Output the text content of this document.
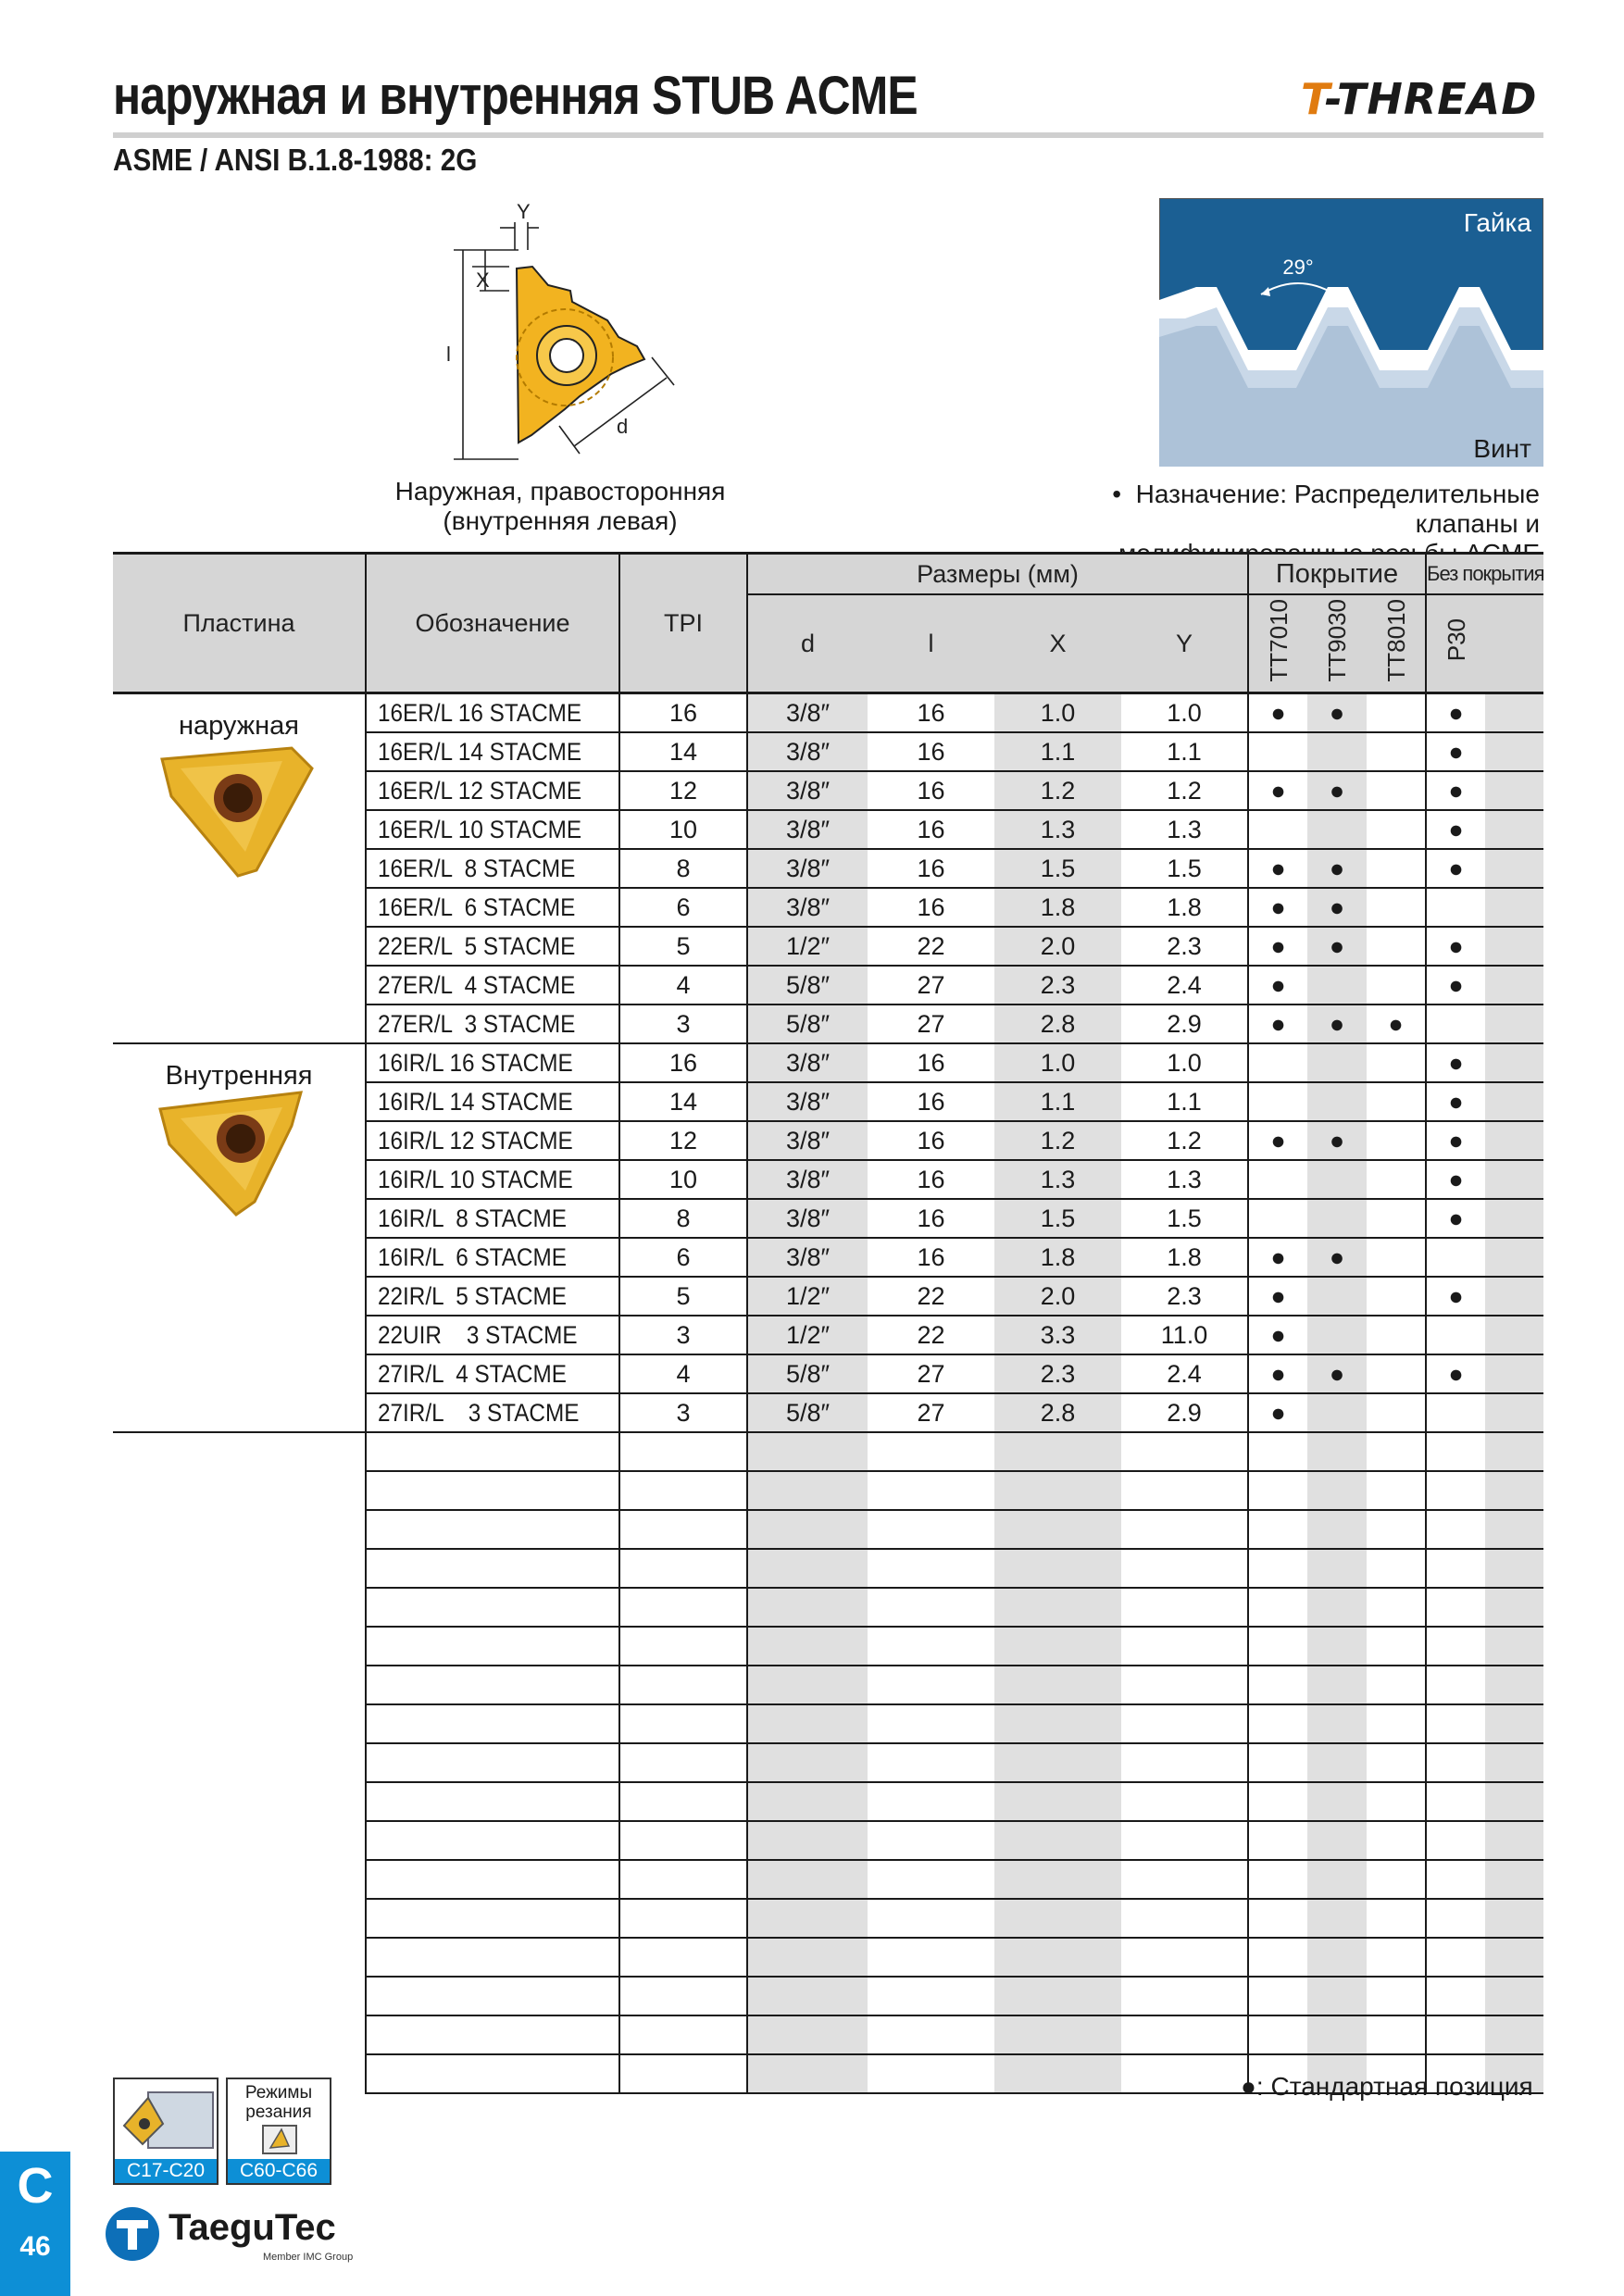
наружная и внутренняя STUB ACME	T-THREAD
ASME / ANSI B.1.8-1988: 2G
Y
X
l
d
Наружная, правосторонняя
(внутренняя левая)
Гайка
29°
Винт
• Назначение: Распределительные клапаны и
Пластина	Обозначение	TPI	Размеры (мм)				Покрытие			Без покрытия	
			d	l	X	Y	TT7010	TT9030	TT8010	P30	

наружная	16ER/L 16 STACME	16	3/8″	16	1.0	1.0	●	●		●	
	16ER/L 14 STACME	14	3/8″	16	1.1	1.1				●	
	16ER/L 12 STACME	12	3/8″	16	1.2	1.2	●	●		●	
	16ER/L 10 STACME	10	3/8″	16	1.3	1.3				●	
	16ER/L  8 STACME	8	3/8″	16	1.5	1.5	●	●		●	
	16ER/L  6 STACME	6	3/8″	16	1.8	1.8	●	●			
	22ER/L  5 STACME	5	1/2″	22	2.0	2.3	●	●		●	
	27ER/L  4 STACME	4	5/8″	27	2.3	2.4	●			●	
	27ER/L  3 STACME	3	5/8″	27	2.8	2.9	●	●	●		

Внутренняя	16IR/L 16 STACME	16	3/8″	16	1.0	1.0				●	
	16IR/L 14 STACME	14	3/8″	16	1.1	1.1				●	
	16IR/L 12 STACME	12	3/8″	16	1.2	1.2	●	●		●	
	16IR/L 10 STACME	10	3/8″	16	1.3	1.3				●	
	16IR/L  8 STACME	8	3/8″	16	1.5	1.5				●	
	16IR/L  6 STACME	6	3/8″	16	1.8	1.8	●	●			
	22IR/L  5 STACME	5	1/2″	22	2.0	2.3	●			●	
	22UIR    3 STACME	3	1/2″	22	3.3	11.0	●				
	27IR/L  4 STACME	4	5/8″	27	2.3	2.4	●	●		●	
	27IR/L    3 STACME	3	5/8″	27	2.8	2.9	●				

●: Стандартная позиция
C17-C20
Режимы
резания
C60-C66
C
46	TaeguTec
Member IMC Group
